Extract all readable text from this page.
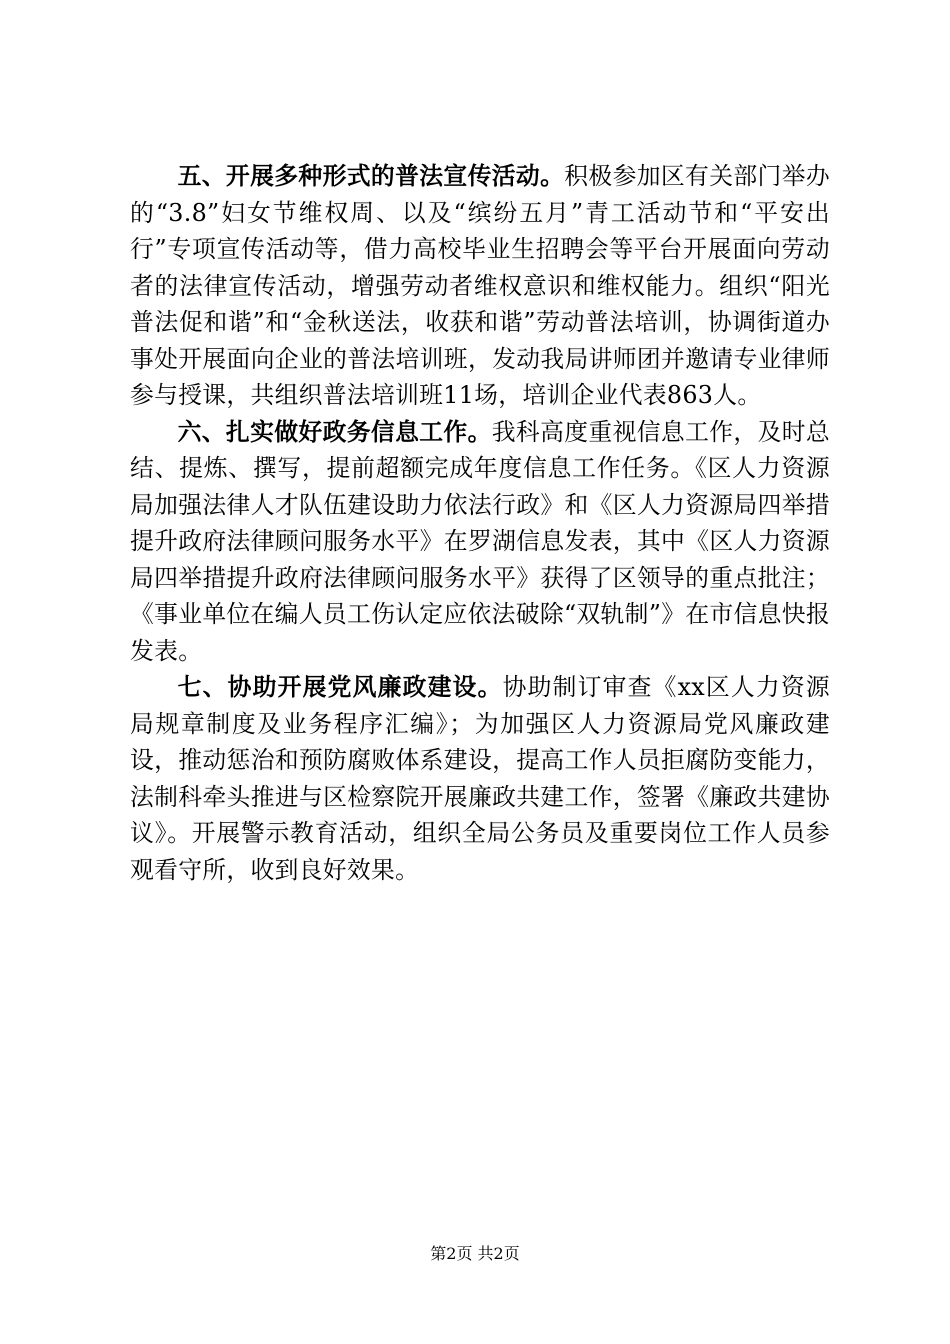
五、开展多种形式的普法宣传活动。积极参加区有关部门举办的“3.8”妇女节维权周、以及“缤纷五月”青工活动节和“平安出行”专项宣传活动等，借力高校毕业生招聘会等平台开展面向劳动者的法律宣传活动，增强劳动者维权意识和维权能力。组织“阳光普法促和谐”和“金秋送法，收获和谐”劳动普法培训，协调街道办事处开展面向企业的普法培训班，发动我局讲师团并邀请专业律师参与授课，共组织普法培训班11场，培训企业代表863人。

六、扎实做好政务信息工作。我科高度重视信息工作，及时总结、提炼、撰写，提前超额完成年度信息工作任务。《区人力资源局加强法律人才队伍建设助力依法行政》和《区人力资源局四举措提升政府法律顾问服务水平》在罗湖信息发表，其中《区人力资源局四举措提升政府法律顾问服务水平》获得了区领导的重点批注；《事业单位在编人员工伤认定应依法破除“双轨制”》在市信息快报发表。

七、协助开展党风廉政建设。协助制订审查《xx区人力资源局规章制度及业务程序汇编》；为加强区人力资源局党风廉政建设，推动惩治和预防腐败体系建设，提高工作人员拒腐防变能力，法制科牵头推进与区检察院开展廉政共建工作，签署《廉政共建协议》。开展警示教育活动，组织全局公务员及重要岗位工作人员参观看守所，收到良好效果。

第2页 共2页
